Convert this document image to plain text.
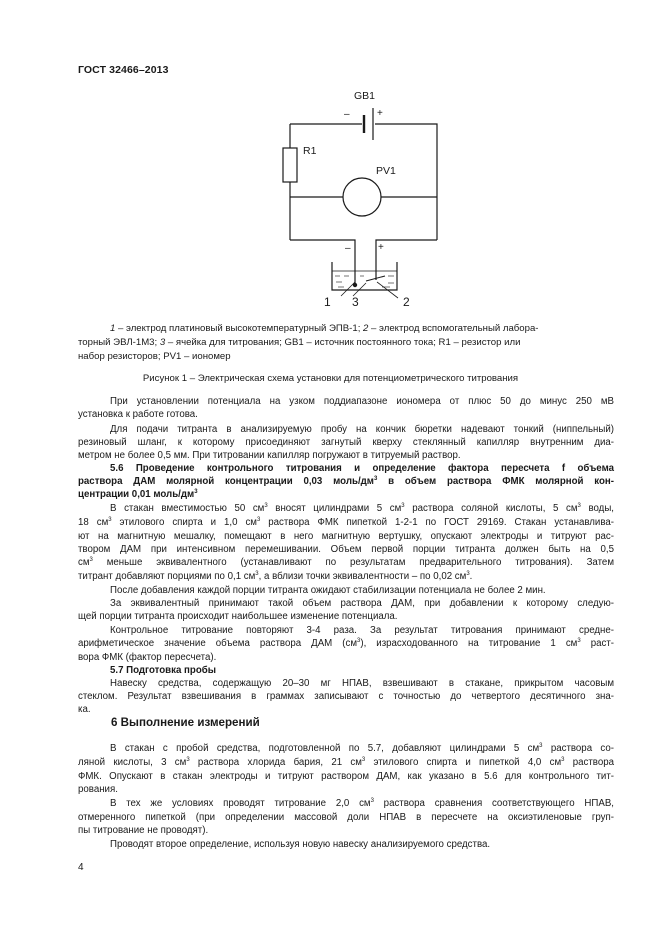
ГОСТ 32466–2013
GB1
R1
PV1
–	+
–	+
1 3	2
1 – электрод платиновый высокотемпературный ЭПВ-1; 2 – электрод вспомогательный лабора-
торный ЭВЛ-1М3; 3 – ячейка для титрования; GB1 – источник постоянного тока; R1 – резистор или
набор резисторов; PV1 – иономер
Рисунок 1 – Электрическая схема установки для потенциометрического титрования
При установлении потенциала на узком поддиапазоне иономера от плюс 50 до минус 250 мВ
установка к работе готова.
Для подачи титранта в анализируемую пробу на кончик бюретки надевают тонкий (ниппельный)
резиновый шланг, к которому присоединяют загнутый кверху стеклянный капилляр внутренним диа-
метром не более 0,5 мм. При титровании капилляр погружают в титруемый раствор.
5.6 Проведение контрольного титрования и определение фактора пересчета f объема
раствора ДАМ молярной концентрации 0,03 моль/$дм^3$ в объем раствора ФМК молярной кон-
центрации 0,01 моль/$дм^3$
В стакан вместимостью 50 $см^3$ вносят цилиндрами 5 $см^3$ раствора соляной кислоты, 5 $см^3$ воды,
18 $см^3$ этилового спирта и 1,0 $см^3$ раствора ФМК пипеткой 1-2-1 по ГОСТ 29169. Стакан устанавлива-
ют на магнитную мешалку, помещают в него магнитную вертушку, опускают электроды и титруют рас-
твором ДАМ при интенсивном перемешивании. Объем первой порции титранта должен быть на 0,5
$см^3$ меньше эквивалентного (устанавливают по результатам предварительного титрования). Затем
титрант добавляют порциями по 0,1 $см^3$, а вблизи точки эквивалентности – по 0,02 $см^3$.
После добавления каждой порции титранта ожидают стабилизации потенциала не более 2 мин.
За эквивалентный принимают такой объем раствора ДАМ, при добавлении к которому следую-
щей порции титранта происходит наибольшее изменение потенциала.
Контрольное титрование повторяют 3-4 раза. За результат титрования принимают средне-
арифметическое значение объема раствора ДАМ $(см^3)$, израсходованного на титрование 1 $см^3$ раст-
вора ФМК (фактор пересчета).
5.7 Подготовка пробы
Навеску средства, содержащую 20–30 мг НПАВ, взвешивают в стакане, прикрытом часовым
стеклом. Результат взвешивания в граммах записывают с точностью до четвертого десятичного зна-
ка.
6 Выполнение измерений
В стакан с пробой средства, подготовленной по 5.7, добавляют цилиндрами 5 $см^3$ раствора со-
ляной кислоты, 3 $см^3$ раствора хлорида бария, 21 $см^3$ этилового спирта и пипеткой 4,0 $см^3$ раствора
ФМК. Опускают в стакан электроды и титруют раствором ДАМ, как указано в 5.6 для контрольного тит-
рования.
В тех же условиях проводят титрование 2,0 $см^3$ раствора сравнения соответствующего НПАВ,
отмеренного пипеткой (при определении массовой доли НПАВ в пересчете на оксиэтиленовые груп-
пы титрование не проводят).
Проводят второе определение, используя новую навеску анализируемого средства.
4
